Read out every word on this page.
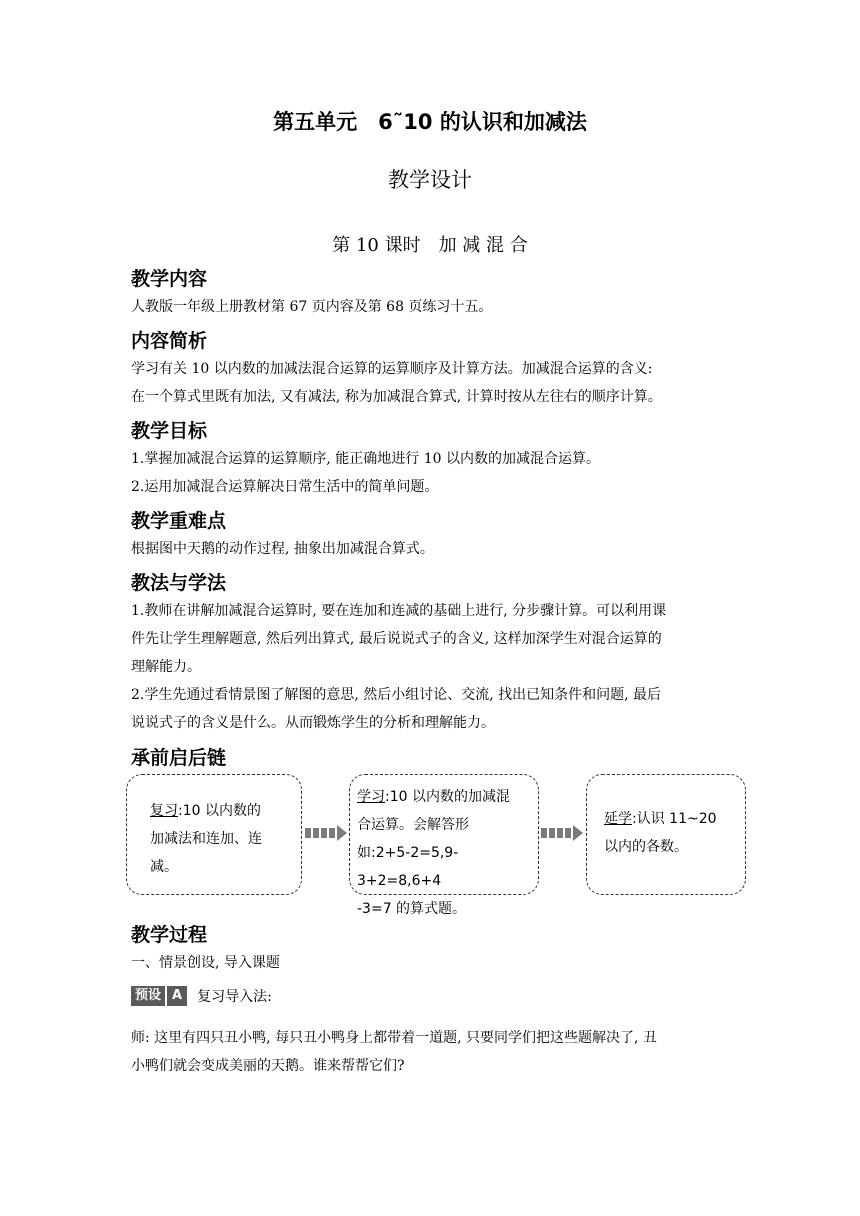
第五单元　6˜10 的认识和加减法
教学设计
第 10 课时　加 减 混 合
教学内容
人教版一年级上册教材第 67 页内容及第 68 页练习十五。
内容简析
学习有关 10 以内数的加减法混合运算的运算顺序及计算方法。加减混合运算的含义:
在一个算式里既有加法, 又有减法, 称为加减混合算式, 计算时按从左往右的顺序计算。
教学目标
1.掌握加减混合运算的运算顺序, 能正确地进行 10 以内数的加减混合运算。
2.运用加减混合运算解决日常生活中的简单问题。
教学重难点
根据图中天鹅的动作过程, 抽象出加减混合算式。
教法与学法
1.教师在讲解加减混合运算时, 要在连加和连减的基础上进行, 分步骤计算。可以利用课
件先让学生理解题意, 然后列出算式, 最后说说式子的含义, 这样加深学生对混合运算的
理解能力。
2.学生先通过看情景图了解图的意思, 然后小组讨论、交流, 找出已知条件和问题, 最后
说说式子的含义是什么。从而锻炼学生的分析和理解能力。
承前启后链
复习:10 以内数的
加减法和连加、连
减。
学习:10 以内数的加减混
合运算。会解答形
如:2+5-2=5,9-3+2=8,6+4
-3=7 的算式题。
延学:认识 11~20
以内的各数。
教学过程
一、情景创设, 导入课题
预设 A	复习导入法:
师: 这里有四只丑小鸭, 每只丑小鸭身上都带着一道题, 只要同学们把这些题解决了, 丑
小鸭们就会变成美丽的天鹅。谁来帮帮它们?
